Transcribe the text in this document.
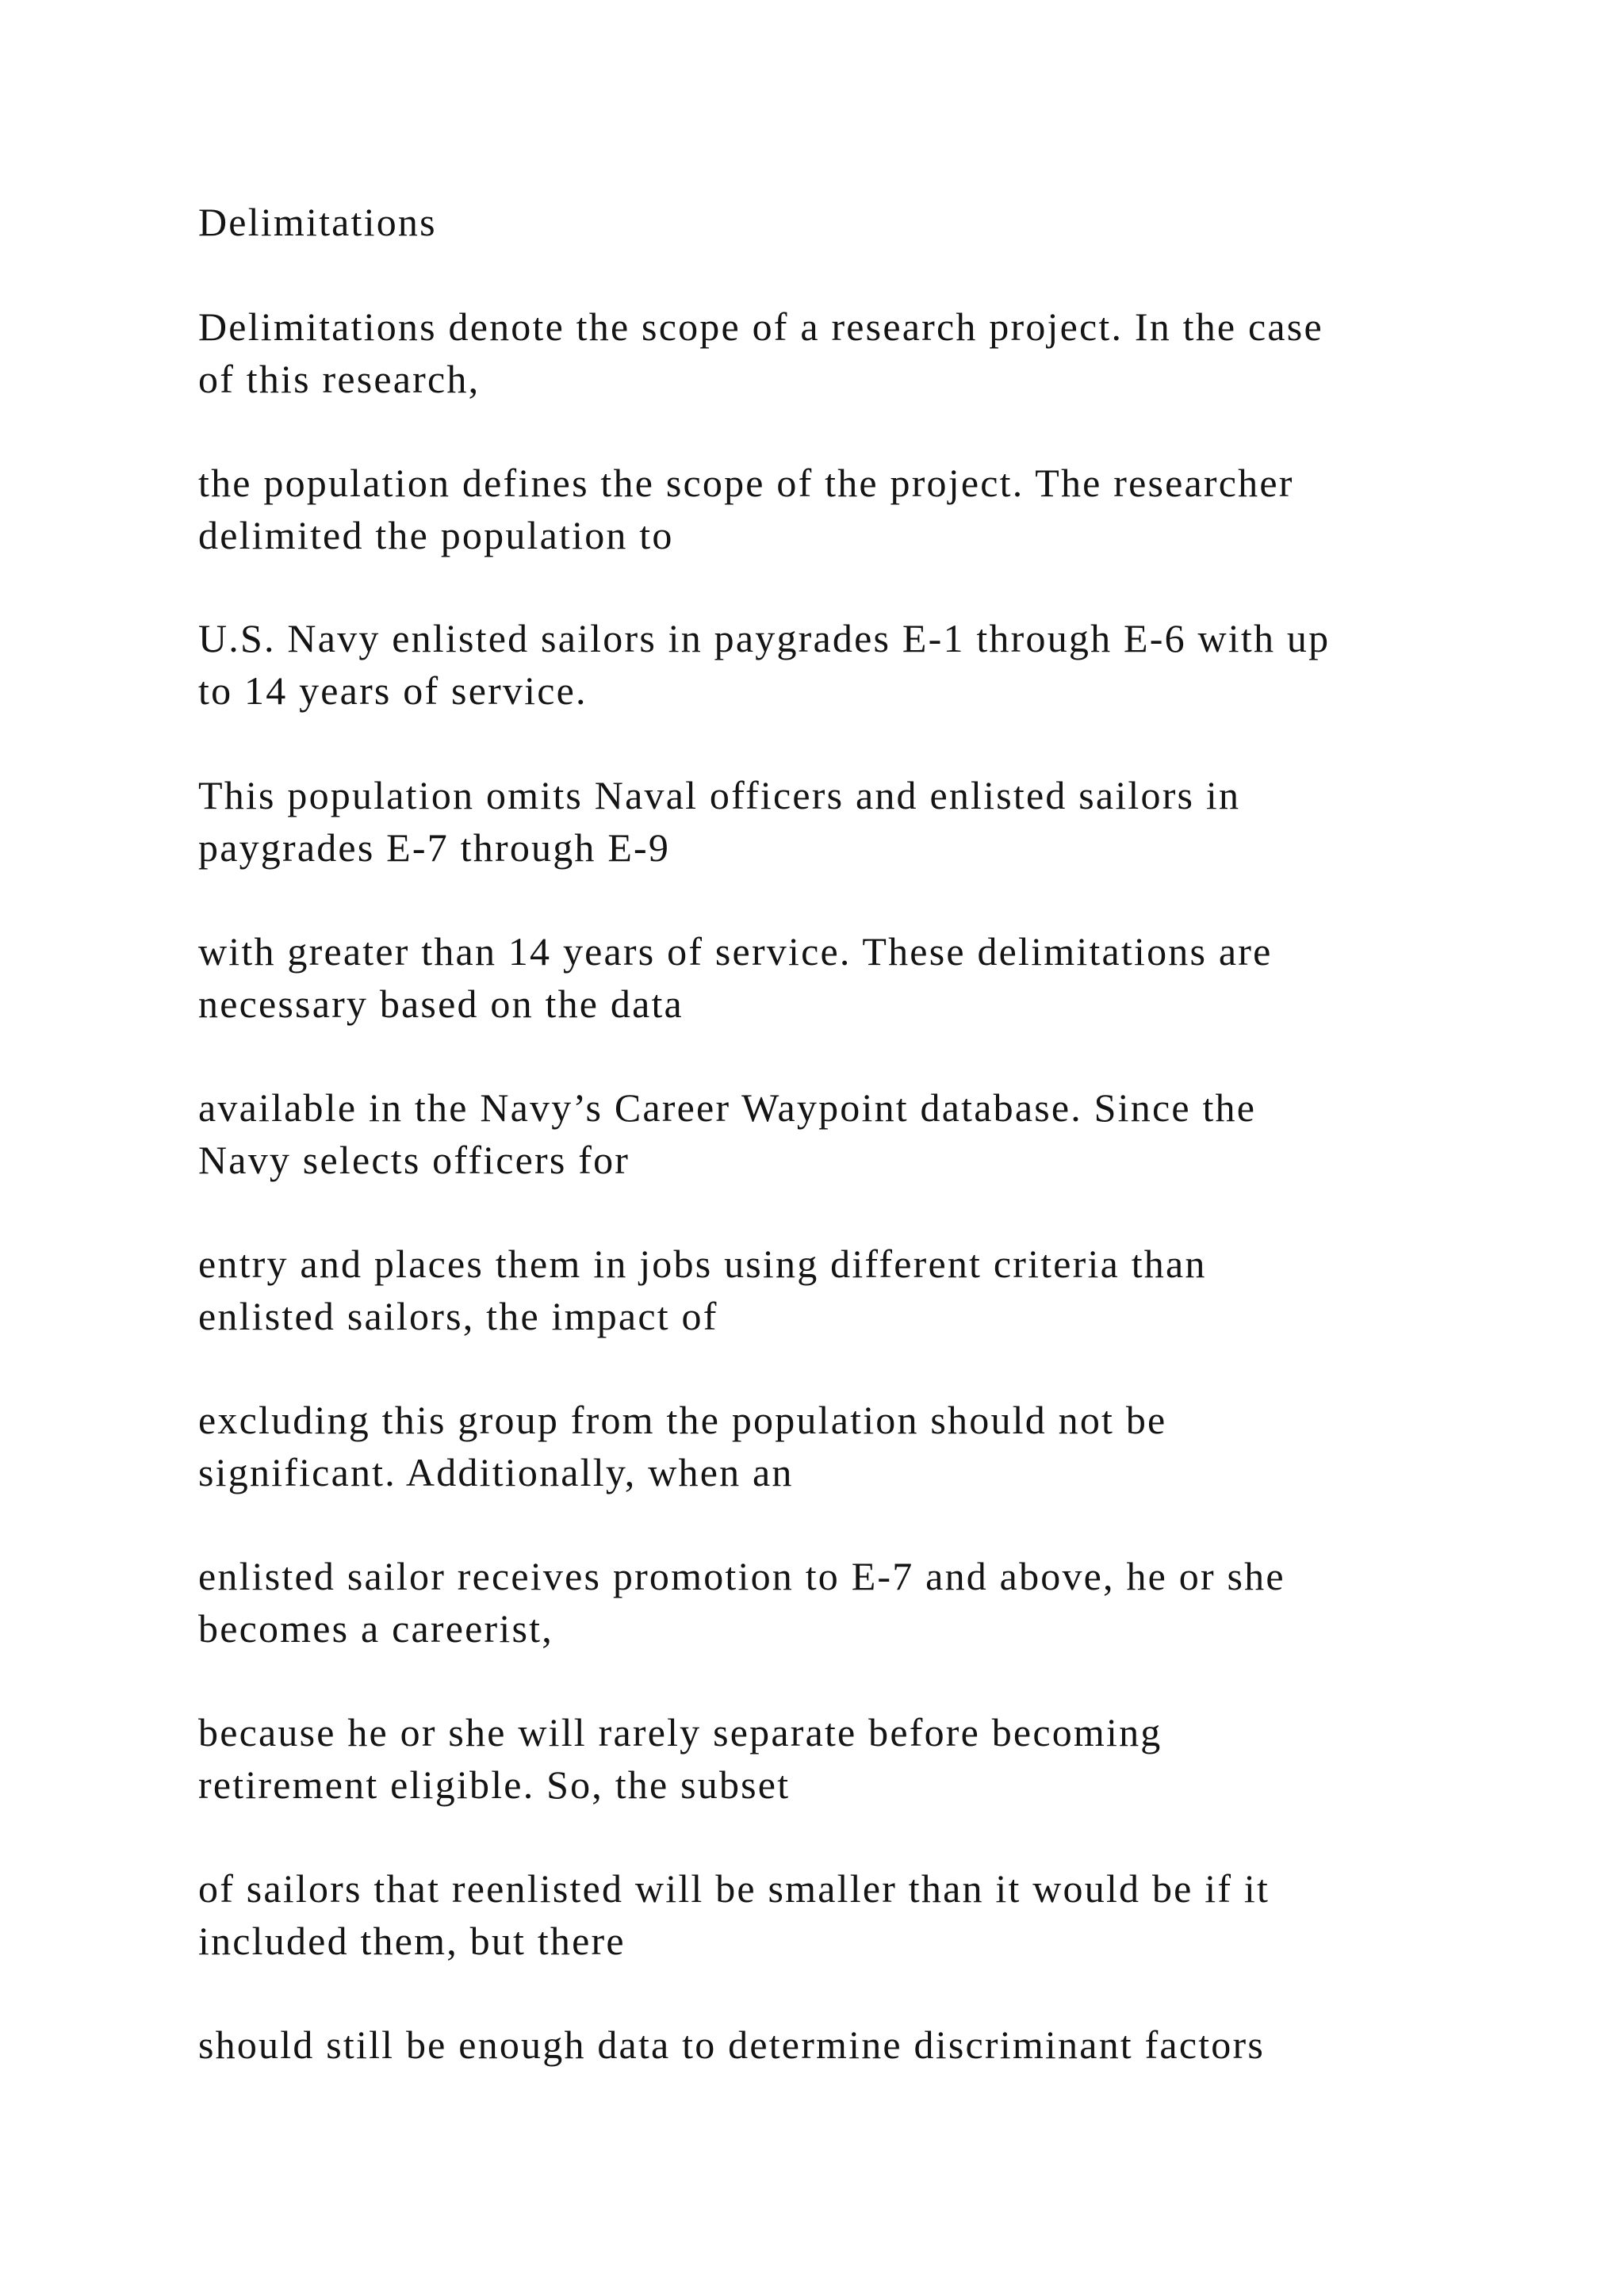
Delimitations

Delimitations denote the scope of a research project. In the case
of this research,

the population defines the scope of the project. The researcher
delimited the population to

U.S. Navy enlisted sailors in paygrades E-1 through E-6 with up
to 14 years of service.

This population omits Naval officers and enlisted sailors in
paygrades E-7 through E-9

with greater than 14 years of service. These delimitations are
necessary based on the data

available in the Navy’s Career Waypoint database. Since the
Navy selects officers for

entry and places them in jobs using different criteria than
enlisted sailors, the impact of

excluding this group from the population should not be
significant. Additionally, when an

enlisted sailor receives promotion to E-7 and above, he or she
becomes a careerist,

because he or she will rarely separate before becoming
retirement eligible. So, the subset

of sailors that reenlisted will be smaller than it would be if it
included them, but there

should still be enough data to determine discriminant factors
